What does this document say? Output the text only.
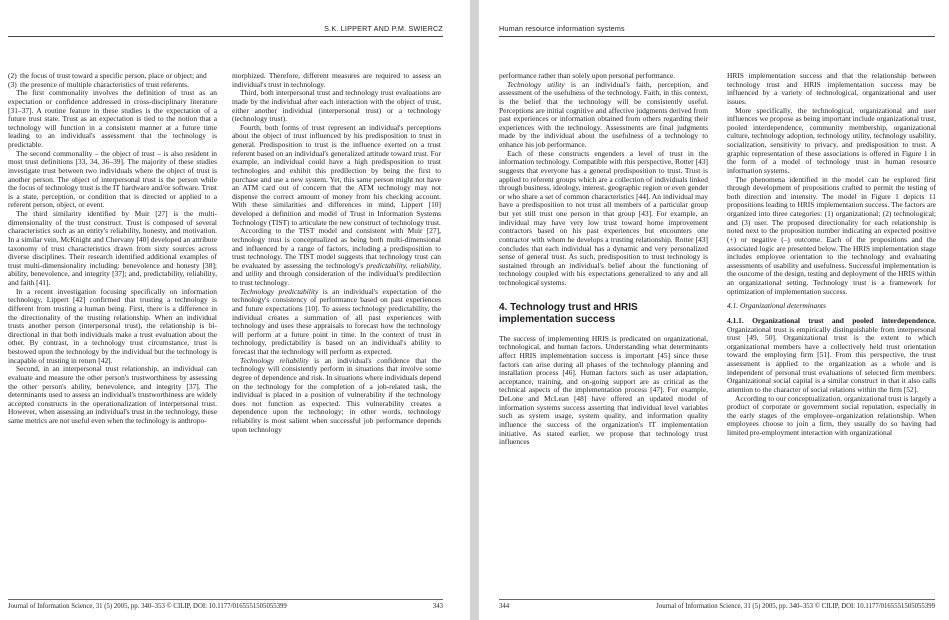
S.K. LIPPERT AND P.M. SWIERCZ
(2) the focus of trust toward a specific person, place or object; and
(3) the presence of multiple characteristics of trust referents.

The first commonality involves the definition of trust as an expectation or confidence addressed in cross-disciplinary literature [31–37]. A routine feature in these studies is the expectation of a future trust state. Trust as an expectation is tied to the notion that a technology will function in a consistent manner at a future time leading to an individual's assessment that the technology is predictable.

The second commonality – the object of trust – is also resident in most trust definitions [33, 34, 36–39]. The majority of these studies investigate trust between two individuals where the object of trust is another person. The object of interpersonal trust is the person while the focus of technology trust is the IT hardware and/or software. Trust is a state, perception, or condition that is directed or applied to a referent person, object, or event.

The third similarity identified by Muir [27] is the multi-dimensionality of the trust construct. Trust is composed of several characteristics such as an entity's reliability, honesty, and motivation. In a similar vein, McKnight and Chervany [40] developed an attribute taxonomy of trust characteristics drawn from sixty sources across diverse disciplines. Their research identified additional examples of trust multi-dimensionality including: benevolence and honesty [38]; ability, benevolence, and integrity [37]; and, predictability, reliability, and faith [41].

In a recent investigation focusing specifically on information technology, Lippert [42] confirmed that trusting a technology is different from trusting a human being. First, there is a difference in the directionality of the trusting relationship. When an individual trusts another person (interpersonal trust), the relationship is bi-directional in that both individuals make a trust evaluation about the other. By contrast, in a technology trust circumstance, trust is bestowed upon the technology by the individual but the technology is incapable of trusting in return [42].

Second, in an interpersonal trust relationship, an individual can evaluate and measure the other person's trustworthiness by assessing the other person's ability, benevolence, and integrity [37]. The determinants used to assess an individual's trustworthiness are widely accepted constructs in the operationalization of interpersonal trust. However, when assessing an individual's trust in the technology, these same metrics are not useful even when the technology is anthropo-

morphized. Therefore, different measures are required to assess an individual's trust in technology.

Third, both interpersonal trust and technology trust evaluations are made by the individual after each interaction with the object of trust, either another individual (interpersonal trust) or a technology (technology trust).

Fourth, both forms of trust represent an individual's perceptions about the object of trust influenced by his predisposition to trust in general. Predisposition to trust is the influence exerted on a trust referent based on an individual's generalized attitude toward trust. For example, an individual could have a high predisposition to trust technologies and exhibit this predilection by being the first to purchase and use a new system. Yet, this same person might not have an ATM card out of concern that the ATM technology may not dispense the correct amount of money from his checking account. With these similarities and differences in mind, Lippert [10] developed a definition and model of Trust in Information Systems Technology (TIST) to articulate the new construct of technology trust.

According to the TIST model and consistent with Muir [27], technology trust is conceptualized as being both multi-dimensional and influenced by a range of factors, including a predisposition to trust technology. The TIST model suggests that technology trust can be evaluated by assessing the technology's predictability, reliability, and utility and through consideration of the individual's predilection to trust technology.

Technology predictability is an individual's expectation of the technology's consistency of performance based on past experiences and future expectations [10]. To assess technology predictability, the individual creates a summation of all past experiences with technology and uses these appraisals to forecast how the technology will perform at a future point in time. In the context of trust in technology, predictability is based on an individual's ability to forecast that the technology will perform as expected.

Technology reliability is an individual's confidence that the technology will consistently perform in situations that involve some degree of dependence and risk. In situations where individuals depend on the technology for the completion of a job-related task, the individual is placed in a position of vulnerability if the technology does not function as expected. This vulnerability creates a dependence upon the technology; in other words, technology reliability is most salient when successful job performance depends upon technology

Journal of Information Science, 31 (5) 2005, pp. 340–353 © CILIP, DOI: 10.1177/0165551505055399	343
Human resource information systems

performance rather than solely upon personal performance.

Technology utility is an individual's faith, perception, and assessment of the usefulness of the technology. Faith, in this context, is the belief that the technology will be consistently useful. Perceptions are initial cognitive and affective judgments derived from past experiences or information obtained from others regarding their experiences with the technology. Assessments are final judgments made by the individual about the usefulness of a technology to enhance his job performance.

Each of these constructs engenders a level of trust in the information technology. Compatible with this perspective, Rotter [43] suggests that everyone has a general predisposition to trust. Trust is applied to referent groups which are a collection of individuals linked through business, ideology, interest, geographic region or even gender or who share a set of common characteristics [44]. An individual may have a predisposition to not trust all members of a particular group but yet still trust one person in that group [43]. For example, an individual may have very low trust toward home improvement contractors based on his past experiences but encounters one contractor with whom he develops a trusting relationship. Rotter [43] concludes that each individual has a dynamic and very personalized sense of general trust. As such, predisposition to trust technology is sustained through an individual's belief about the functioning of technology coupled with his expectations generalized to any and all technological systems.

4. Technology trust and HRIS implementation success

The success of implementing HRIS is predicated on organizational, technological, and human factors. Understanding what determinants affect HRIS implementation success is important [45] since these factors can arise during all phases of the technology planning and installation process [46]. Human factors such as user adaptation, acceptance, training, and on-going support are as critical as the technical aspects of the implementation process [47]. For example, DeLone and McLean [48] have offered an updated model of information systems success asserting that individual level variables such as system usage, system quality, and information quality influence the success of the organization's IT implementation initiative. As stated earlier, we propose that technology trust influences

HRIS implementation success and that the relationship between technology trust and HRIS implementation success may be influenced by a variety of technological, organizational and user issues.

More specifically, the technological, organizational and user influences we propose as being important include organizational trust, pooled interdependence, community membership, organizational culture, technology adoption, technology utility, technology usability, socialization, sensitivity to privacy, and predisposition to trust. A graphic representation of these associations is offered in Figure 1 in the form of a model of technology trust in human resource information systems.

The phenomena identified in the model can be explored first through development of propositions crafted to permit the testing of both direction and intensity. The model in Figure 1 depicts 11 propositions leading to HRIS implementation success. The factors are organized into three categories: (1) organizational; (2) technological; and (3) user. The proposed directionality for each relationship is noted next to the proposition number indicating an expected positive (+) or negative (–) outcome. Each of the propositions and the associated logic are presented below. The HRIS implementation stage includes employee orientation to the technology and evaluating assessments of usability and usefulness. Successful implementation is the outcome of the design, testing and deployment of the HRIS within an organizational setting. Technology trust is a framework for optimization of implementation success.

4.1. Organizational determinants

4.1.1. Organizational trust and pooled interdependence. Organizational trust is empirically distinguishable from interpersonal trust [49, 50]. Organizational trust is the extent to which organizational members have a collectively held trust orientation toward the employing firm [51]. From this perspective, the trust assessment is applied to the organization as a whole and is independent of personal trust evaluations of selected firm members. Organizational social capital is a similar construct in that it also calls attention to the character of social relations within the firm [52].

According to our conceptualization, organizational trust is largely a product of corporate or government social reputation, especially in the early stages of the employee–organization relationship. When employees choose to join a firm, they usually do so having had limited pre-employment interaction with organizational

344	Journal of Information Science, 31 (5) 2005, pp. 340–353 © CILIP, DOI: 10.1177/0165551505055399
